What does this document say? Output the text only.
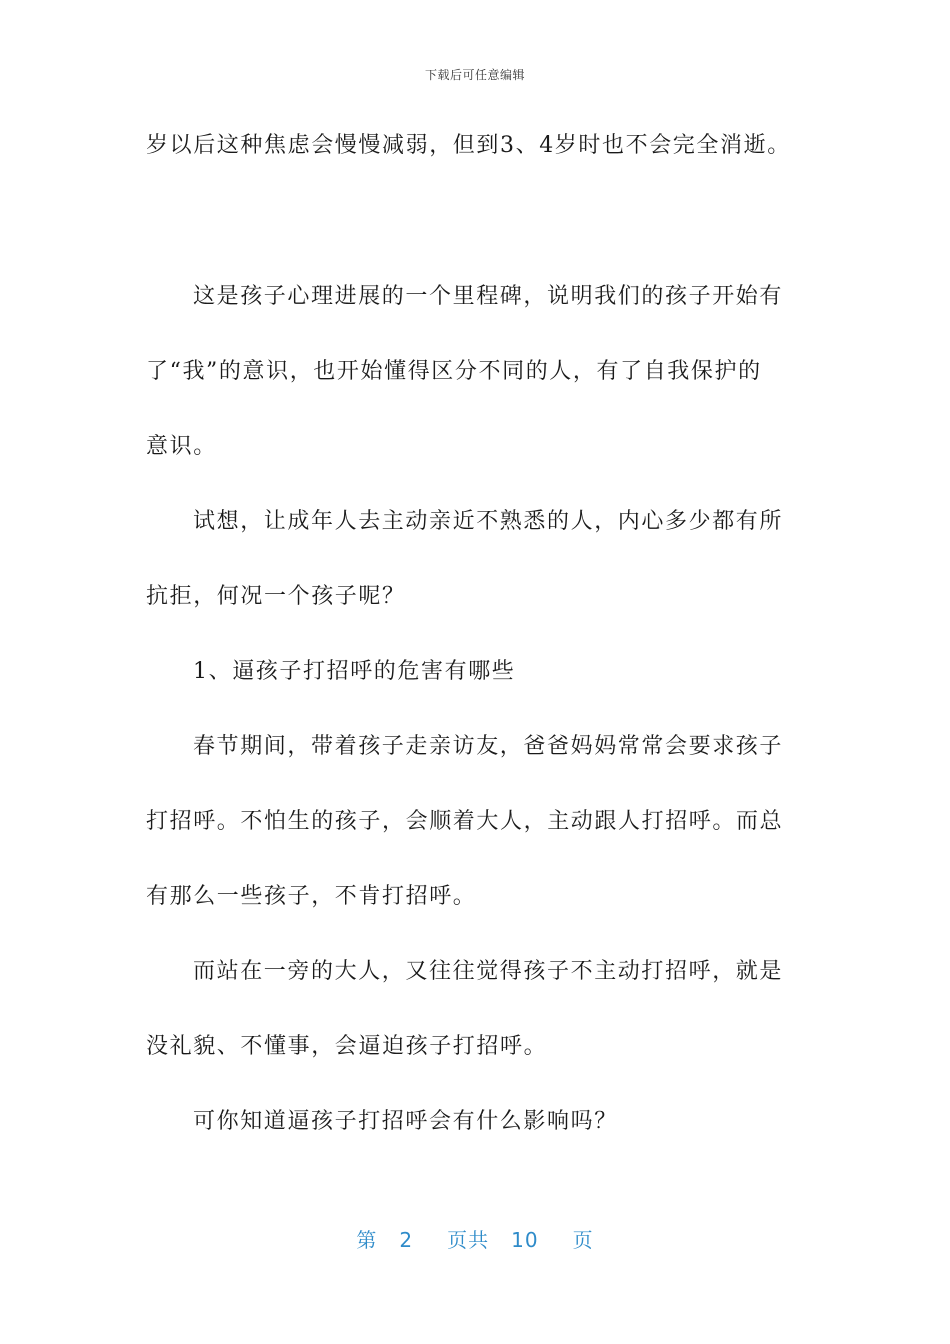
下载后可任意编辑
岁以后这种焦虑会慢慢减弱，但到3、4岁时也不会完全消逝。
这是孩子心理进展的一个里程碑，说明我们的孩子开始有
了“我”的意识，也开始懂得区分不同的人，有了自我保护的
意识。
试想，让成年人去主动亲近不熟悉的人，内心多少都有所
抗拒，何况一个孩子呢？
1、逼孩子打招呼的危害有哪些
春节期间，带着孩子走亲访友，爸爸妈妈常常会要求孩子
打招呼。不怕生的孩子，会顺着大人，主动跟人打招呼。而总
有那么一些孩子，不肯打招呼。
而站在一旁的大人，又往往觉得孩子不主动打招呼，就是
没礼貌、不懂事，会逼迫孩子打招呼。
可你知道逼孩子打招呼会有什么影响吗？
第 2 页共 10 页
